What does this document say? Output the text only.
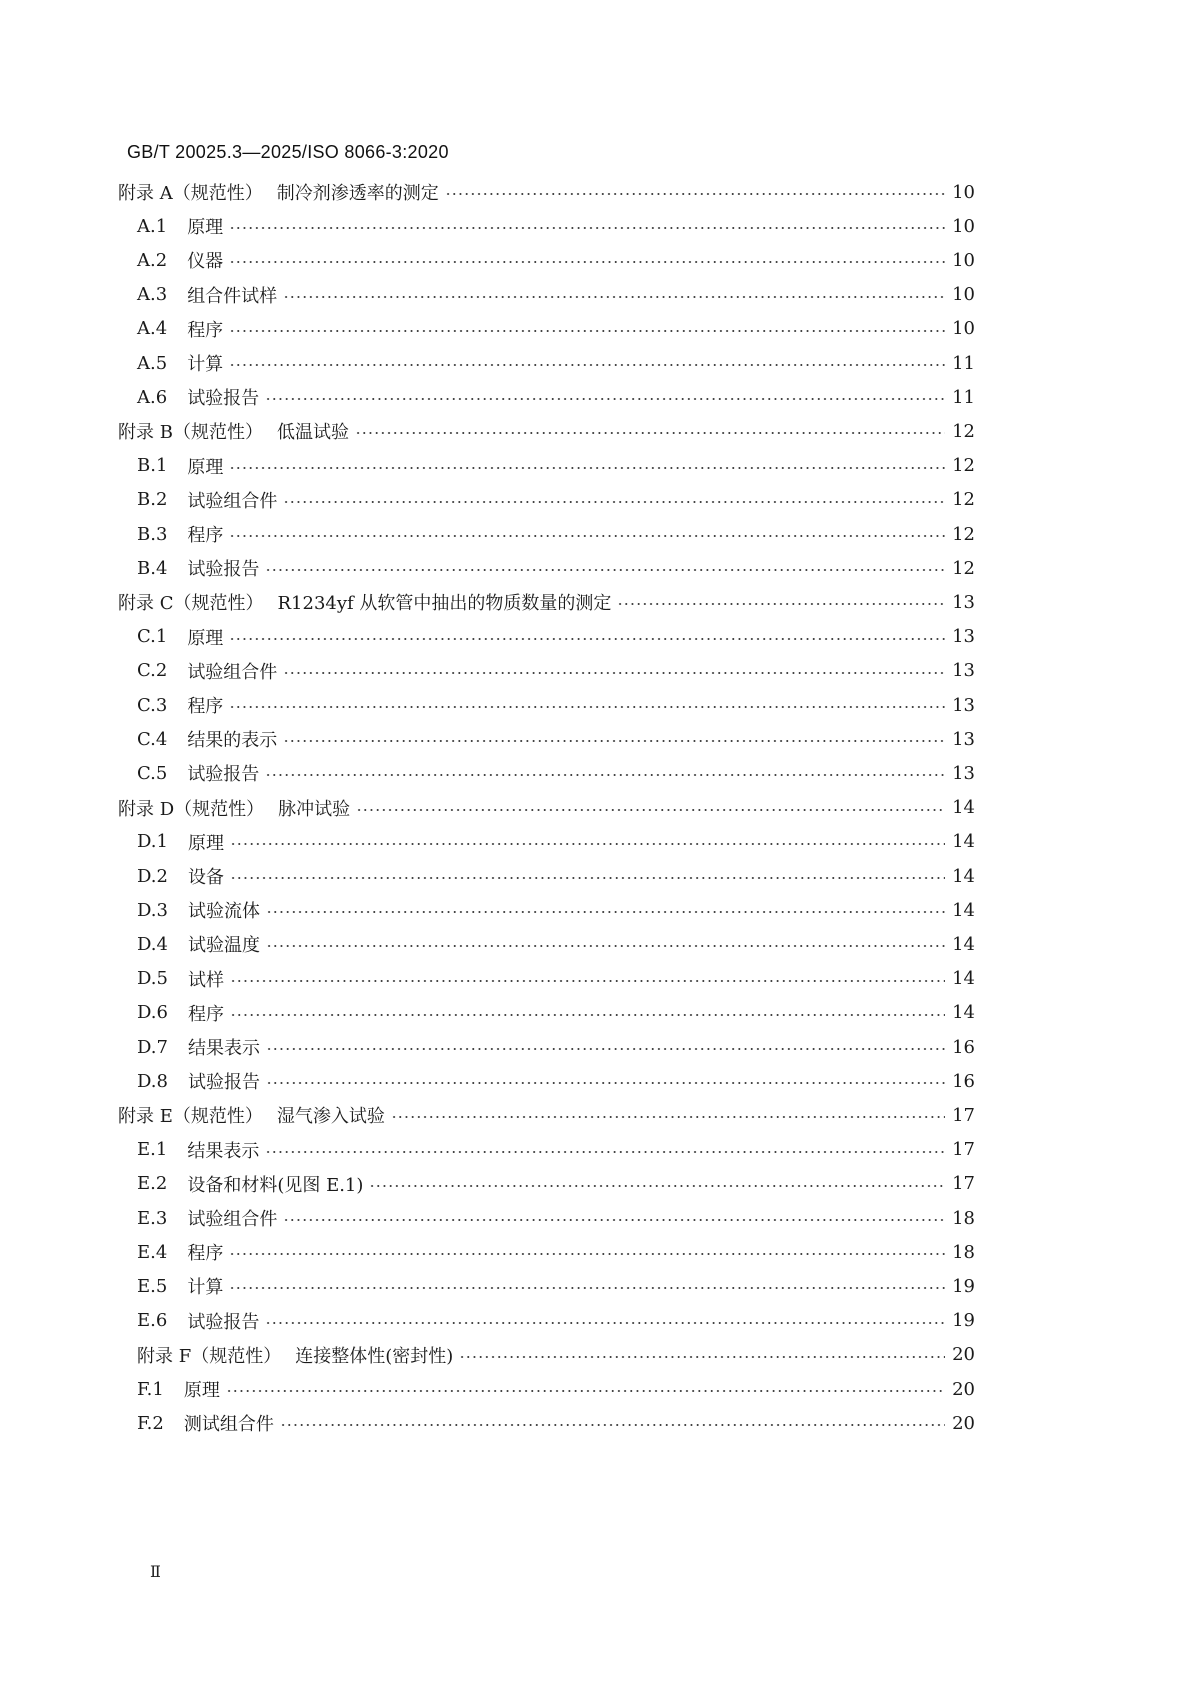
GB/T 20025.3—2025/ISO 8066-3:2020
附录 A（规范性） 制冷剂渗透率的测定	10
A.1 原理	10
A.2 仪器	10
A.3 组合件试样	10
A.4 程序	10
A.5 计算	11
A.6 试验报告	11
附录 B（规范性） 低温试验	12
B.1 原理	12
B.2 试验组合件	12
B.3 程序	12
B.4 试验报告	12
附录 C（规范性） R1234yf 从软管中抽出的物质数量的测定	13
C.1 原理	13
C.2 试验组合件	13
C.3 程序	13
C.4 结果的表示	13
C.5 试验报告	13
附录 D（规范性） 脉冲试验	14
D.1 原理	14
D.2 设备	14
D.3 试验流体	14
D.4 试验温度	14
D.5 试样	14
D.6 程序	14
D.7 结果表示	16
D.8 试验报告	16
附录 E（规范性） 湿气渗入试验	17
E.1 结果表示	17
E.2 设备和材料(见图 E.1)	17
E.3 试验组合件	18
E.4 程序	18
E.5 计算	19
E.6 试验报告	19
附录 F（规范性） 连接整体性(密封性)	20
F.1 原理	20
F.2 测试组合件	20
Ⅱ
